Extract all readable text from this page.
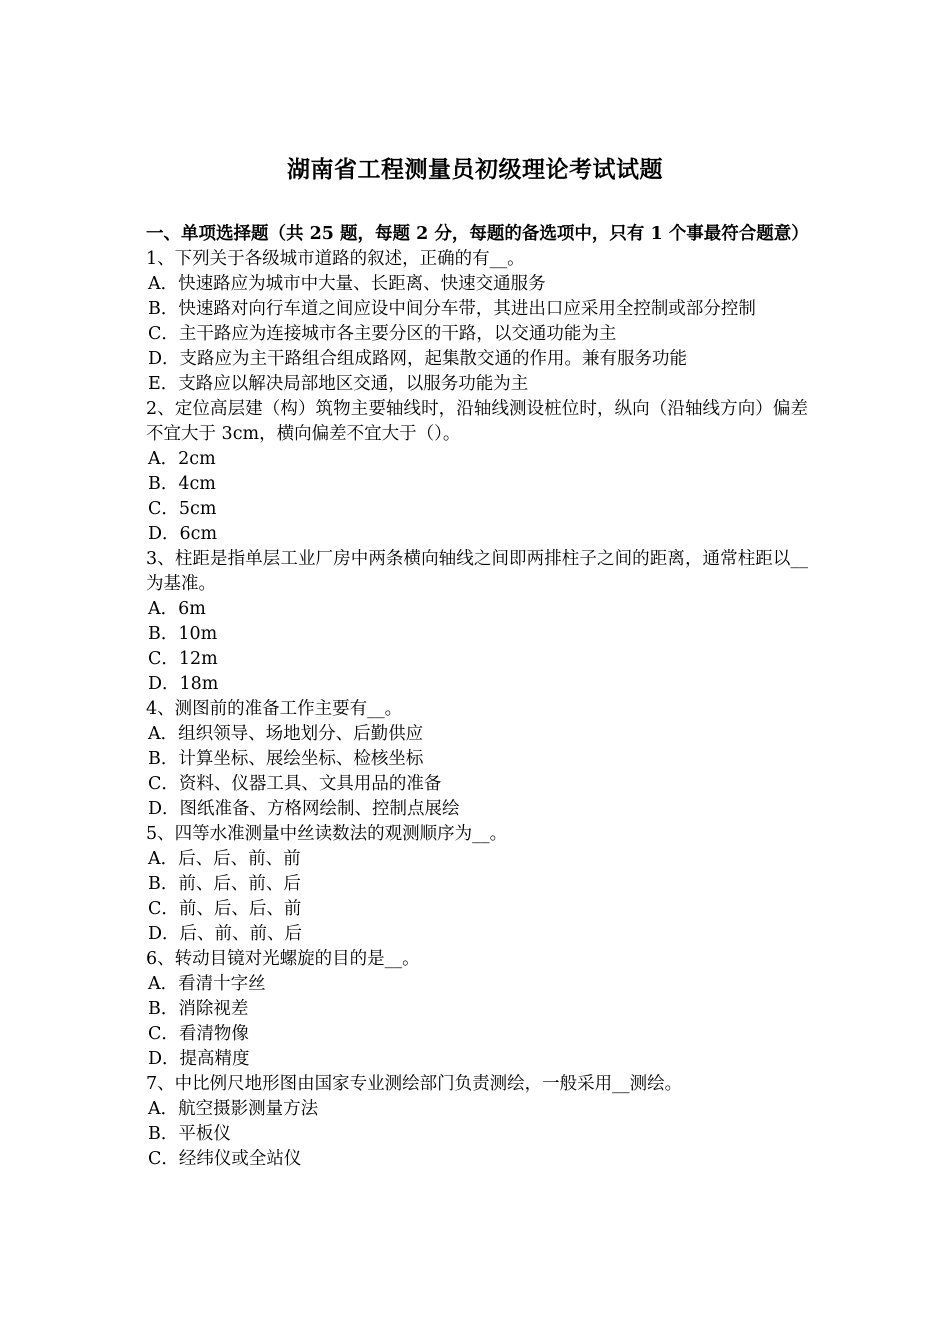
湖南省工程测量员初级理论考试试题

一、单项选择题（共 25 题，每题 2 分，每题的备选项中，只有 1 个事最符合题意）

1、下列关于各级城市道路的叙述，正确的有__。

A．快速路应为城市中大量、长距离、快速交通服务

B．快速路对向行车道之间应设中间分车带，其进出口应采用全控制或部分控制

C．主干路应为连接城市各主要分区的干路，以交通功能为主

D．支路应为主干路组合组成路网，起集散交通的作用。兼有服务功能

E．支路应以解决局部地区交通，以服务功能为主

2、定位高层建（构）筑物主要轴线时，沿轴线测设桩位时，纵向（沿轴线方向）偏差不宜大于 3cm，横向偏差不宜大于（）。

A．2cm

B．4cm

C．5cm

D．6cm

3、柱距是指单层工业厂房中两条横向轴线之间即两排柱子之间的距离，通常柱距以__为基准。

A．6m

B．10m

C．12m

D．18m

4、测图前的准备工作主要有__。

A．组织领导、场地划分、后勤供应

B．计算坐标、展绘坐标、检核坐标

C．资料、仪器工具、文具用品的准备

D．图纸准备、方格网绘制、控制点展绘

5、四等水准测量中丝读数法的观测顺序为__。

A．后、后、前、前

B．前、后、前、后

C．前、后、后、前

D．后、前、前、后

6、转动目镜对光螺旋的目的是__。

A．看清十字丝

B．消除视差

C．看清物像

D．提高精度

7、中比例尺地形图由国家专业测绘部门负责测绘，一般采用__测绘。

A．航空摄影测量方法

B．平板仪

C．经纬仪或全站仪
